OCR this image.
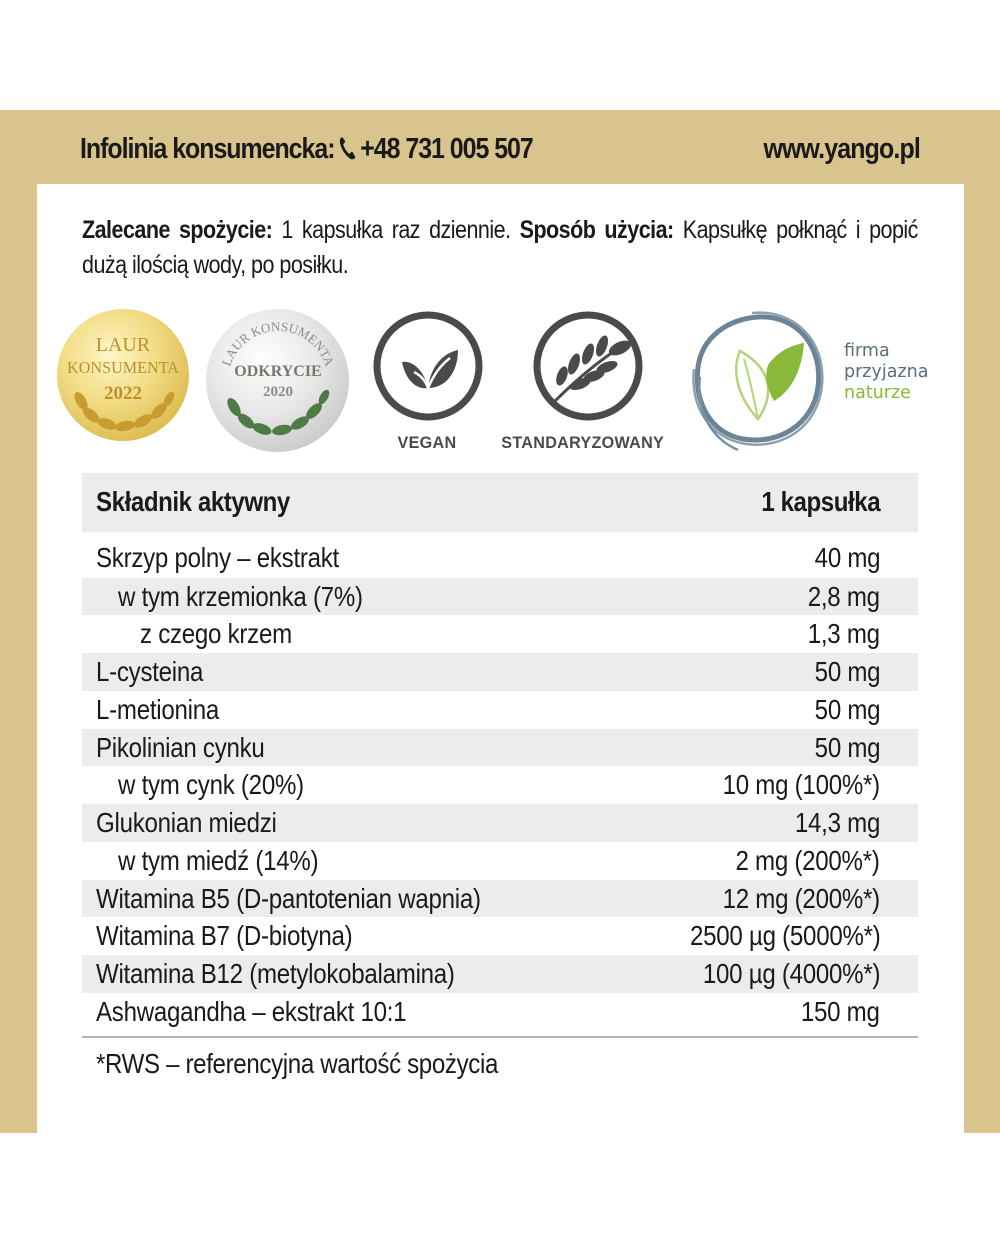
Infolinia konsumencka: +48 731 005 507	www.yango.pl
Zalecane spożycie: 1 kapsułka raz dziennie. Sposób użycia: Kapsułkę połknąć i popić dużą ilością wody, po posiłku.
LAUR
KONSUMENTA
2022
LAUR KONSUMENTA
ODKRYCIE
2020
VEGAN	STANDARYZOWANY
firma
przyjazna
naturze
Składnik aktywny	1 kapsułka
Skrzyp polny – ekstrakt	40 mg
w tym krzemionka (7%)	2,8 mg
z czego krzem	1,3 mg
L-cysteina	50 mg
L-metionina	50 mg
Pikolinian cynku	50 mg
w tym cynk (20%)	10 mg (100%*)
Glukonian miedzi	14,3 mg
w tym miedź (14%)	2 mg (200%*)
Witamina B5 (D-pantotenian wapnia)	12 mg (200%*)
Witamina B7 (D-biotyna)	2500 µg (5000%*)
Witamina B12 (metylokobalamina)	100 µg (4000%*)
Ashwagandha – ekstrakt 10:1	150 mg
*RWS – referencyjna wartość spożycia
